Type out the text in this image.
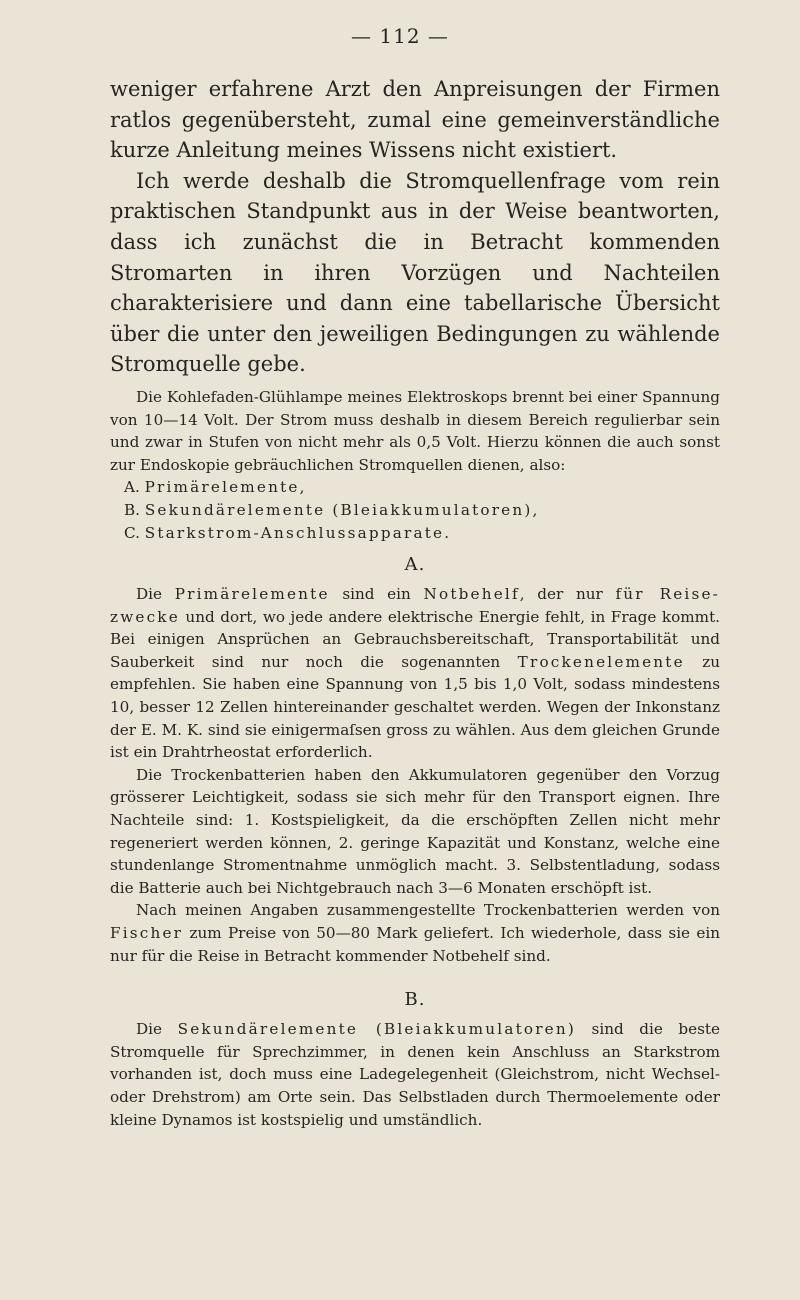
— 112 —

weniger erfahrene Arzt den Anpreisungen der Firmen ratlos gegenübersteht, zumal eine gemeinverständliche kurze Anleitung meines Wissens nicht existiert.

Ich werde deshalb die Stromquellenfrage vom rein praktischen Standpunkt aus in der Weise beantworten, dass ich zunächst die in Betracht kommenden Stromarten in ihren Vorzügen und Nachteilen charakterisiere und dann eine tabellarische Übersicht über die unter den jeweiligen Bedingungen zu wählende Stromquelle gebe.

Die Kohlefaden-Glühlampe meines Elektroskops brennt bei einer Spannung von 10—14 Volt. Der Strom muss deshalb in diesem Bereich regulierbar sein und zwar in Stufen von nicht mehr als 0,5 Volt. Hierzu können die auch sonst zur Endoskopie gebräuchlichen Stromquellen dienen, also:

A. Primärelemente,
B. Sekundärelemente (Bleiakkumulatoren),
C. Starkstrom-Anschlussapparate.
A.

Die Primärelemente sind ein Notbehelf, der nur für Reise-zwecke und dort, wo jede andere elektrische Energie fehlt, in Frage kommt. Bei einigen Ansprüchen an Gebrauchsbereitschaft, Transportabilität und Sauberkeit sind nur noch die sogenannten Trockenelemente zu empfehlen. Sie haben eine Spannung von 1,5 bis 1,0 Volt, sodass mindestens 10, besser 12 Zellen hintereinander geschaltet werden. Wegen der Inkonstanz der E. M. K. sind sie einigermaſsen gross zu wählen. Aus dem gleichen Grunde ist ein Drahtrheostat erforderlich.

Die Trockenbatterien haben den Akkumulatoren gegenüber den Vorzug grösserer Leichtigkeit, sodass sie sich mehr für den Transport eignen. Ihre Nachteile sind: 1. Kostspieligkeit, da die erschöpften Zellen nicht mehr regeneriert werden können, 2. geringe Kapazität und Konstanz, welche eine stundenlange Stromentnahme unmöglich macht. 3. Selbstentladung, sodass die Batterie auch bei Nichtgebrauch nach 3—6 Monaten erschöpft ist.

Nach meinen Angaben zusammengestellte Trockenbatterien werden von Fischer zum Preise von 50—80 Mark geliefert. Ich wiederhole, dass sie ein nur für die Reise in Betracht kommender Notbehelf sind.

B.

Die Sekundärelemente (Bleiakkumulatoren) sind die beste Stromquelle für Sprechzimmer, in denen kein Anschluss an Starkstrom vorhanden ist, doch muss eine Ladegelegenheit (Gleichstrom, nicht Wechsel- oder Drehstrom) am Orte sein. Das Selbstladen durch Thermoelemente oder kleine Dynamos ist kostspielig und umständlich.
